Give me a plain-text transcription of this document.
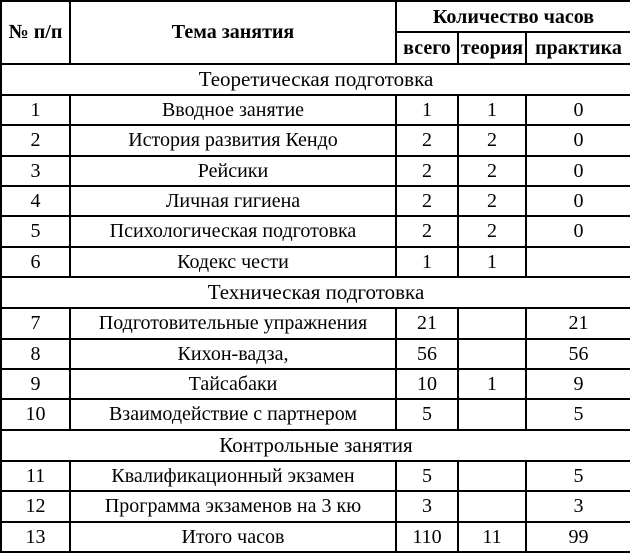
№ п/п	Тема занятия	Количество часов		
		всего	теория	практика
Теоретическая подготовка				
1	Вводное занятие	1	1	0
2	История развития Кендо	2	2	0
3	Рейсики	2	2	0
4	Личная гигиена	2	2	0
5	Психологическая подготовка	2	2	0
6	Кодекс чести	1	1	
Техническая подготовка				
7	Подготовительные упражнения	21		21
8	Кихон-вадза,	56		56
9	Тайсабаки	10	1	9
10	Взаимодействие с партнером	5		5
Контрольные занятия				
11	Квалификационный экзамен	5		5
12	Программа экзаменов на 3 кю	3		3
13	Итого часов	110	11	99
